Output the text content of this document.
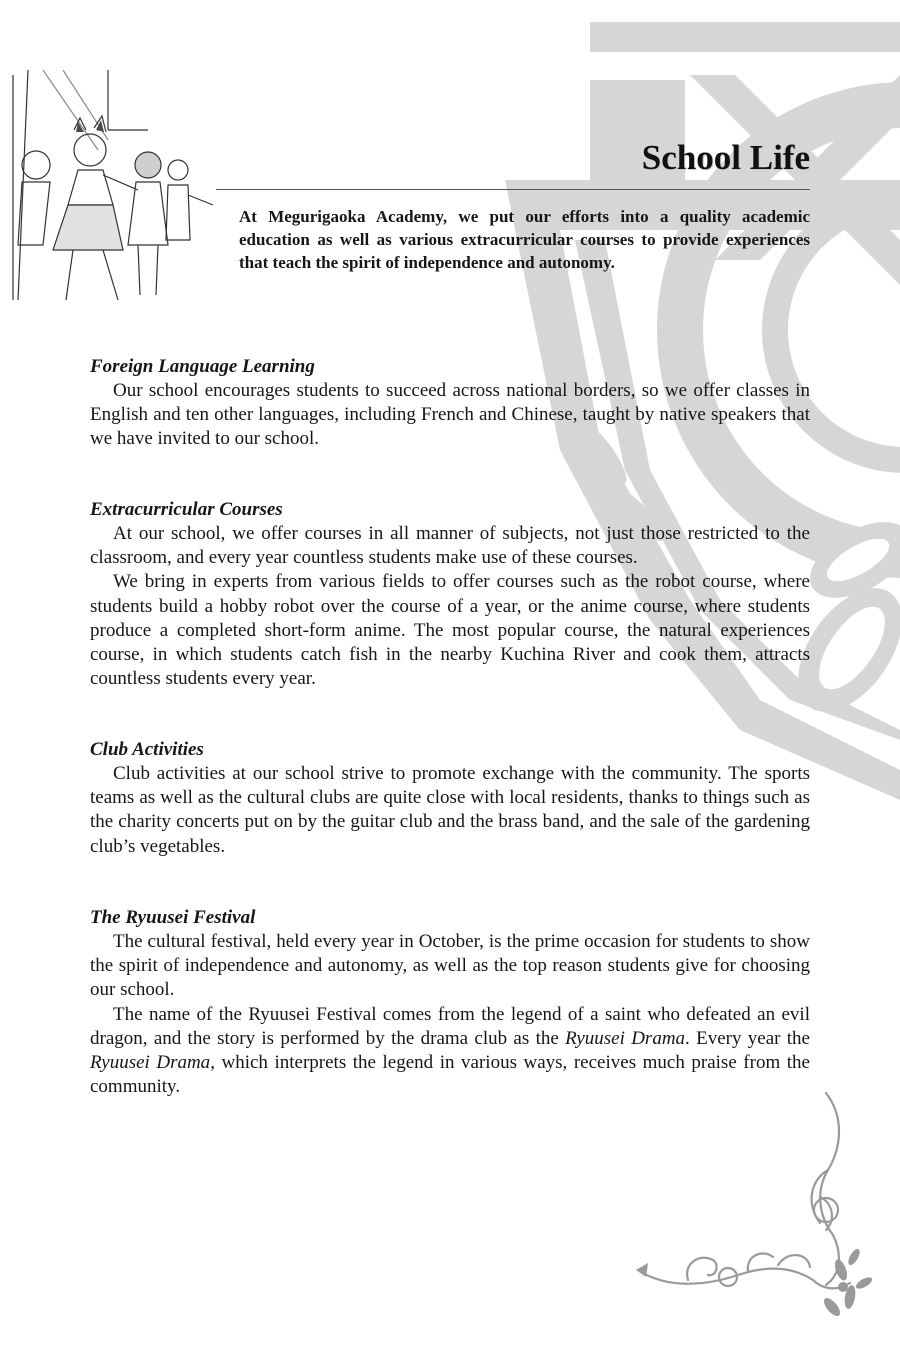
School Life

At Megurigaoka Academy, we put our efforts into a quality academic education as well as various extracurricular courses to provide experiences that teach the spirit of independence and autonomy.

Foreign Language Learning

Our school encourages students to succeed across national borders, so we offer classes in English and ten other languages, including French and Chinese, taught by native speakers that we have invited to our school.

Extracurricular Courses

At our school, we offer courses in all manner of subjects, not just those restricted to the classroom, and every year countless students make use of these courses.

We bring in experts from various fields to offer courses such as the robot course, where students build a hobby robot over the course of a year, or the anime course, where students produce a completed short-form anime. The most popular course, the natural experiences course, in which students catch fish in the nearby Kuchina River and cook them, attracts countless students every year.

Club Activities

Club activities at our school strive to promote exchange with the community. The sports teams as well as the cultural clubs are quite close with local residents, thanks to things such as the charity concerts put on by the guitar club and the brass band, and the sale of the gardening club’s vegetables.

The Ryuusei Festival

The cultural festival, held every year in October, is the prime occasion for students to show the spirit of independence and autonomy, as well as the top reason students give for choosing our school.

The name of the Ryuusei Festival comes from the legend of a saint who defeated an evil dragon, and the story is performed by the drama club as the Ryuusei Drama. Every year the Ryuusei Drama, which interprets the legend in various ways, receives much praise from the community.
